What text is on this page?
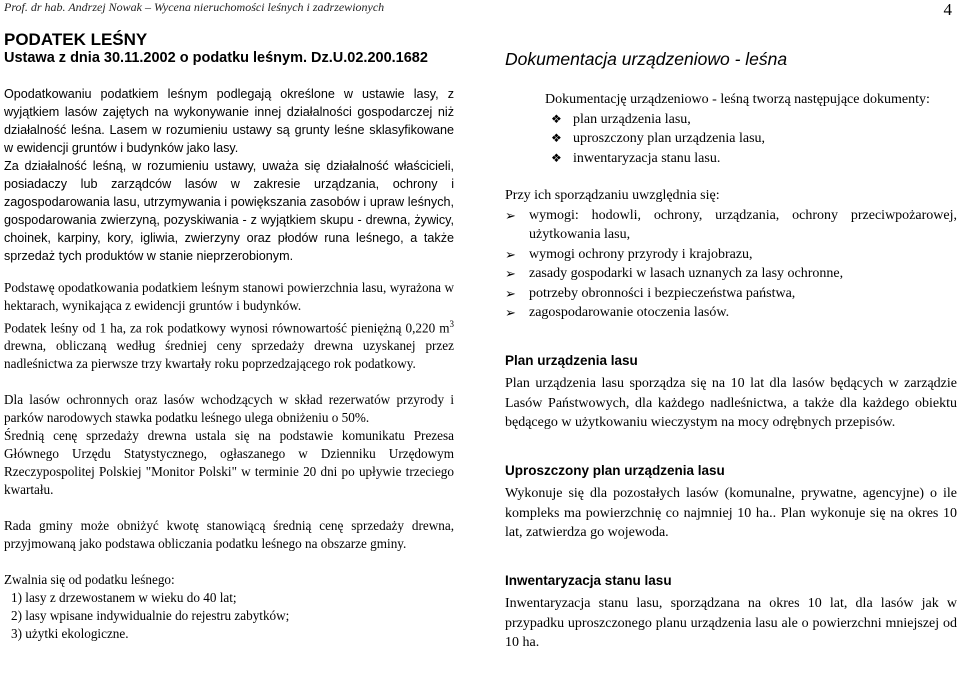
Prof. dr hab. Andrzej Nowak – Wycena nieruchomości leśnych i zadrzewionych	4
PODATEK LEŚNY
Ustawa z dnia 30.11.2002 o podatku leśnym. Dz.U.02.200.1682

Opodatkowaniu podatkiem leśnym podlegają określone w ustawie lasy, z wyjątkiem lasów zajętych na wykonywanie innej działalności gospodarczej niż działalność leśna. Lasem w rozumieniu ustawy są grunty leśne sklasyfikowane w ewidencji gruntów i budynków jako lasy.

Za działalność leśną, w rozumieniu ustawy, uważa się działalność właścicieli, posiadaczy lub zarządców lasów w zakresie urządzania, ochrony i zagospodarowania lasu, utrzymywania i powiększania zasobów i upraw leśnych, gospodarowania zwierzyną, pozyskiwania - z wyjątkiem skupu - drewna, żywicy, choinek, karpiny, kory, igliwia, zwierzyny oraz płodów runa leśnego, a także sprzedaż tych produktów w stanie nieprzerobionym.

Podstawę opodatkowania podatkiem leśnym stanowi powierzchnia lasu, wyrażona w hektarach, wynikająca z ewidencji gruntów i budynków.

Podatek leśny od 1 ha, za rok podatkowy wynosi równowartość pieniężną 0,220 $m^3$ drewna, obliczaną według średniej ceny sprzedaży drewna uzyskanej przez nadleśnictwa za pierwsze trzy kwartały roku poprzedzającego rok podatkowy.

Dla lasów ochronnych oraz lasów wchodzących w skład rezerwatów przyrody i parków narodowych stawka podatku leśnego ulega obniżeniu o 50%.

Średnią cenę sprzedaży drewna ustala się na podstawie komunikatu Prezesa Głównego Urzędu Statystycznego, ogłaszanego w Dzienniku Urzędowym Rzeczypospolitej Polskiej "Monitor Polski" w terminie 20 dni po upływie trzeciego kwartału.

Rada gminy może obniżyć kwotę stanowiącą średnią cenę sprzedaży drewna, przyjmowaną jako podstawa obliczania podatku leśnego na obszarze gminy.

Zwalnia się od podatku leśnego:

1) lasy z drzewostanem w wieku do 40 lat;
2) lasy wpisane indywidualnie do rejestru zabytków;
3) użytki ekologiczne.
Dokumentacja urządzeniowo - leśna

Dokumentację urządzeniowo - leśną tworzą następujące dokumenty:

❖ plan urządzenia lasu,
❖ uproszczony plan urządzenia lasu,
❖ inwentaryzacja stanu lasu.

Przy ich sporządzaniu uwzględnia się:

➢ wymogi: hodowli, ochrony, urządzania, ochrony przeciwpożarowej, użytkowania lasu,
➢ wymogi ochrony przyrody i krajobrazu,
➢ zasady gospodarki w lasach uznanych za lasy ochronne,
➢ potrzeby obronności i bezpieczeństwa państwa,
➢ zagospodarowanie otoczenia lasów.
Plan urządzenia lasu

Plan urządzenia lasu sporządza się na 10 lat dla lasów będących w zarządzie Lasów Państwowych, dla każdego nadleśnictwa, a także dla każdego obiektu będącego w użytkowaniu wieczystym na mocy odrębnych przepisów.

Uproszczony plan urządzenia lasu

Wykonuje się dla pozostałych lasów (komunalne, prywatne, agencyjne) o ile kompleks ma powierzchnię co najmniej 10 ha.. Plan wykonuje się na okres 10 lat, zatwierdza go wojewoda.

Inwentaryzacja stanu lasu

Inwentaryzacja stanu lasu, sporządzana na okres 10 lat, dla lasów jak w przypadku uproszczonego planu urządzenia lasu ale o powierzchni mniejszej od 10 ha.
